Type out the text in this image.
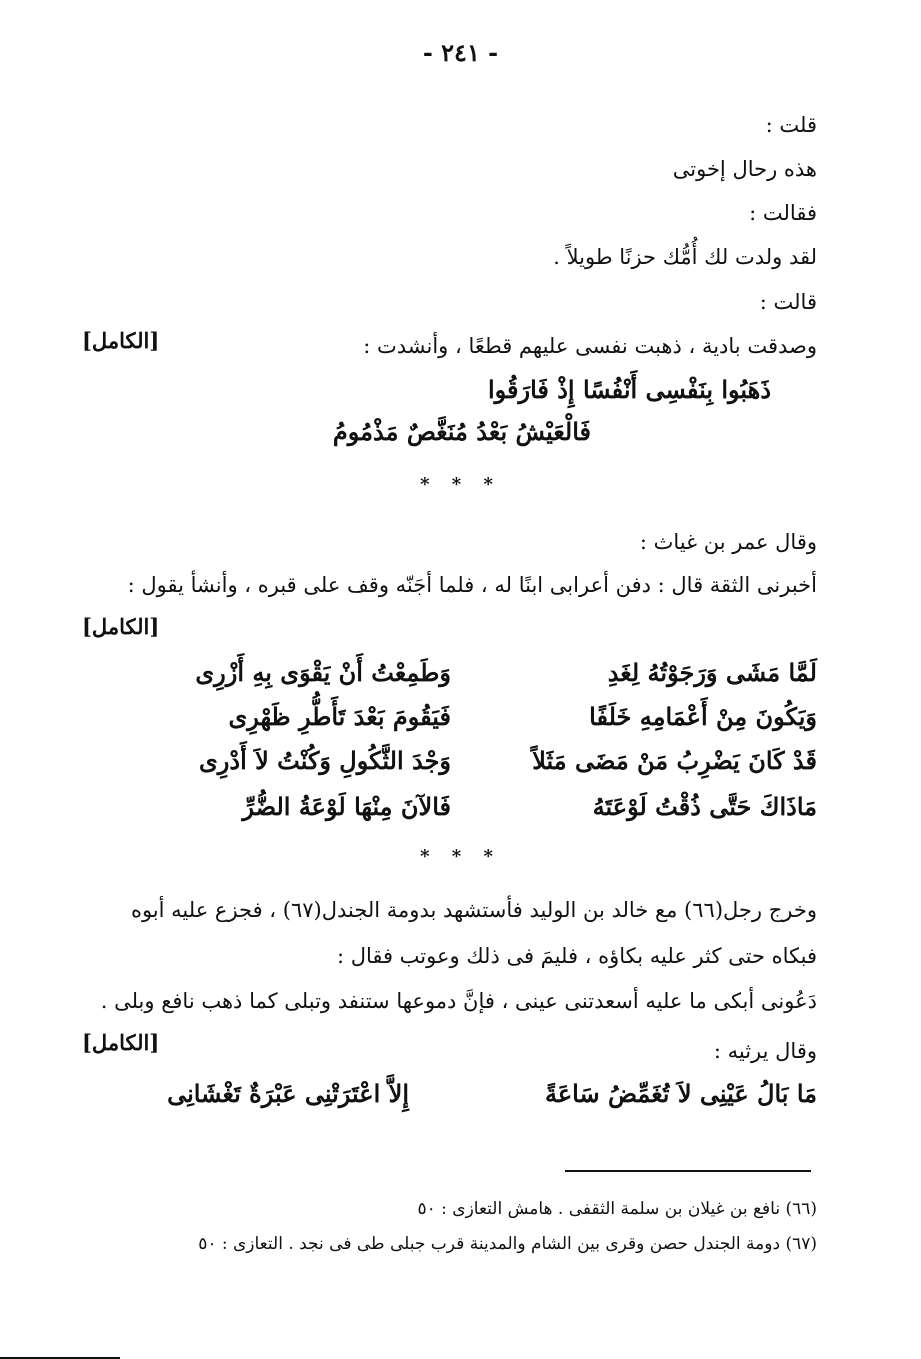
- ٢٤١ -
قلت :
هذه رحال إخوتى
فقالت :
لقد ولدت لك أُمُّك حزنًا طويلاً .
قالت :
وصدقت بادية ، ذهبت نفسى عليهم قطعًا ، وأنشدت :
[الكامل]
ذَهَبُوا بِنَفْسِى أَنْفُسًا إِذْ فَارَقُوا
فَالْعَيْشُ بَعْدُ مُنَغَّصٌ مَذْمُومُ
* * *
وقال عمر بن غياث :
أخبرنى الثقة قال : دفن أعرابى ابنًا له ، فلما أجَنّه وقف على قبره ، وأنشأ يقول :
[الكامل]
لَمَّا مَشَى وَرَجَوْتُهُ لِغَدِ
وَطَمِعْتُ أَنْ يَقْوَى بِهِ أَزْرِى
وَيَكُونَ مِنْ أَعْمَامِهِ خَلَفًا
فَيَقُومَ بَعْدَ تَأَطُّرِ ظَهْرِى
قَدْ كَانَ يَضْرِبُ مَنْ مَضَى مَثَلاً
وَجْدَ الثَّكُولِ وَكُنْتُ لاَ أَدْرِى
مَاذَاكَ حَتَّى ذُقْتُ لَوْعَتَهُ
فَالآنَ مِنْهَا لَوْعَةُ الضُّرِّ
* * *
وخرج رجل(٦٦) مع خالد بن الوليد فأستشهد بدومة الجندل(٦٧) ، فجزع عليه أبوه
فبكاه حتى كثر عليه بكاؤه ، فليمَ فى ذلك وعوتب فقال :
دَعُونى أبكى ما عليه أسعدتنى عينى ، فإنَّ دموعها ستنفد وتبلى كما ذهب نافع وبلى .
[الكامل]	وقال يرثيه :
مَا بَالُ عَيْنِى لاَ تُغَمِّضُ سَاعَةً
إِلاَّ اعْتَرَتْنِى عَبْرَةٌ تَغْشَانِى
(٦٦) نافع بن غيلان بن سلمة الثقفى . هامش التعازى : ٥٠
(٦٧) دومة الجندل حصن وقرى بين الشام والمدينة قرب جبلى طى فى نجد . التعازى : ٥٠
